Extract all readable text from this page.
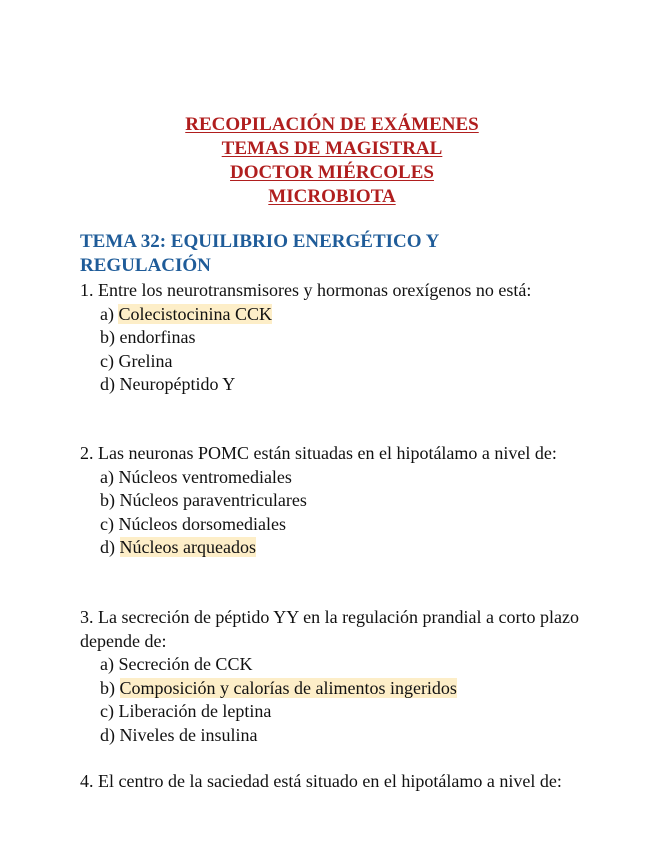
RECOPILACIÓN DE EXÁMENES
TEMAS DE MAGISTRAL
DOCTOR MIÉRCOLES
MICROBIOTA
TEMA 32: EQUILIBRIO ENERGÉTICO Y
REGULACIÓN

1. Entre los neurotransmisores y hormonas orexígenos no está:

a) Colecistocinina CCK
b) endorfinas
c) Grelina
d) Neuropéptido Y

2. Las neuronas POMC están situadas en el hipotálamo a nivel de:

a) Núcleos ventromediales
b) Núcleos paraventriculares
c) Núcleos dorsomediales
d) Núcleos arqueados

3. La secreción de péptido YY en la regulación prandial a corto plazo depende de:

a) Secreción de CCK
b) Composición y calorías de alimentos ingeridos
c) Liberación de leptina
d) Niveles de insulina

4. El centro de la saciedad está situado en el hipotálamo a nivel de:
